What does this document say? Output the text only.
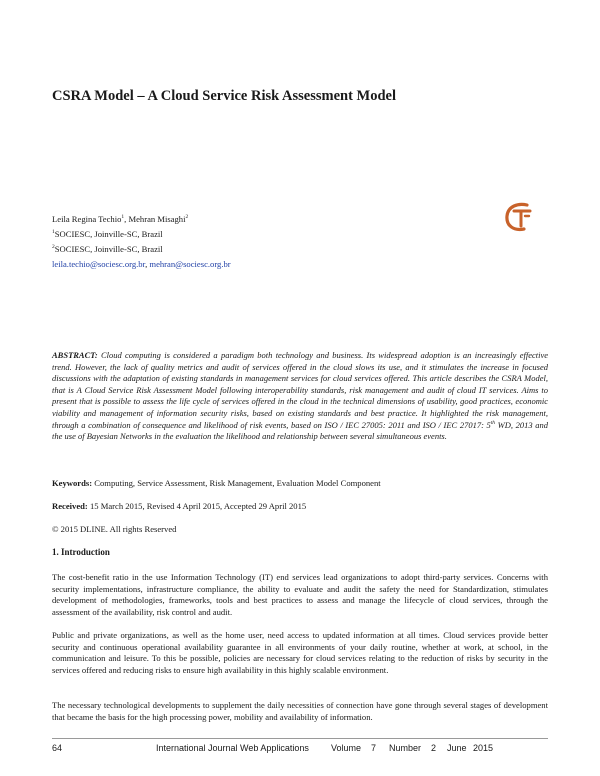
CSRA Model – A Cloud Service Risk Assessment Model
Leila Regina Techio$^1$, Mehran Misaghi$^2$
$^1$SOCIESC, Joinville-SC, Brazil
$^2$SOCIESC, Joinville-SC, Brazil
leila.techio@sociesc.org.br, mehran@sociesc.org.br
ABSTRACT: Cloud computing is considered a paradigm both technology and business. Its widespread adoption is an increasingly effective trend. However, the lack of quality metrics and audit of services offered in the cloud slows its use, and it stimulates the increase in focused discussions with the adaptation of existing standards in management services for cloud services offered. This article describes the CSRA Model, that is A Cloud Service Risk Assessment Model following interoperability standards, risk management and audit of cloud IT services. Aims to present that is possible to assess the life cycle of services offered in the cloud in the technical dimensions of usability, good practices, economic viability and management of information security risks, based on existing standards and best practice. It highlighted the risk management, through a combination of consequence and likelihood of risk events, based on ISO / IEC 27005: 2011 and ISO / IEC 27017: 5th WD, 2013 and the use of Bayesian Networks in the evaluation the likelihood and relationship between several simultaneous events.
Keywords: Computing, Service Assessment, Risk Management, Evaluation Model Component
Received: 15 March 2015, Revised 4 April 2015, Accepted 29 April 2015
© 2015 DLINE. All rights Reserved
1. Introduction
The cost-benefit ratio in the use Information Technology (IT) end services lead organizations to adopt third-party services. Concerns with security implementations, infrastructure compliance, the ability to evaluate and audit the safety the need for Standardization, stimulates development of methodologies, frameworks, tools and best practices to assess and manage the lifecycle of cloud services, through the assessment of the availability, risk control and audit.
Public and private organizations, as well as the home user, need access to updated information at all times. Cloud services provide better security and continuous operational availability guarantee in all environments of your daily routine, whether at work, at school, in the communication and leisure. To this be possible, policies are necessary for cloud services relating to the reduction of risks by security in the services offered and reducing risks to ensure high availability in this highly scalable environment.
The necessary technological developments to supplement the daily necessities of connection have gone through several stages of development that became the basis for the high processing power, mobility and availability of information.
64	International Journal Web Applications Volume 7 Number 2 June 2015
